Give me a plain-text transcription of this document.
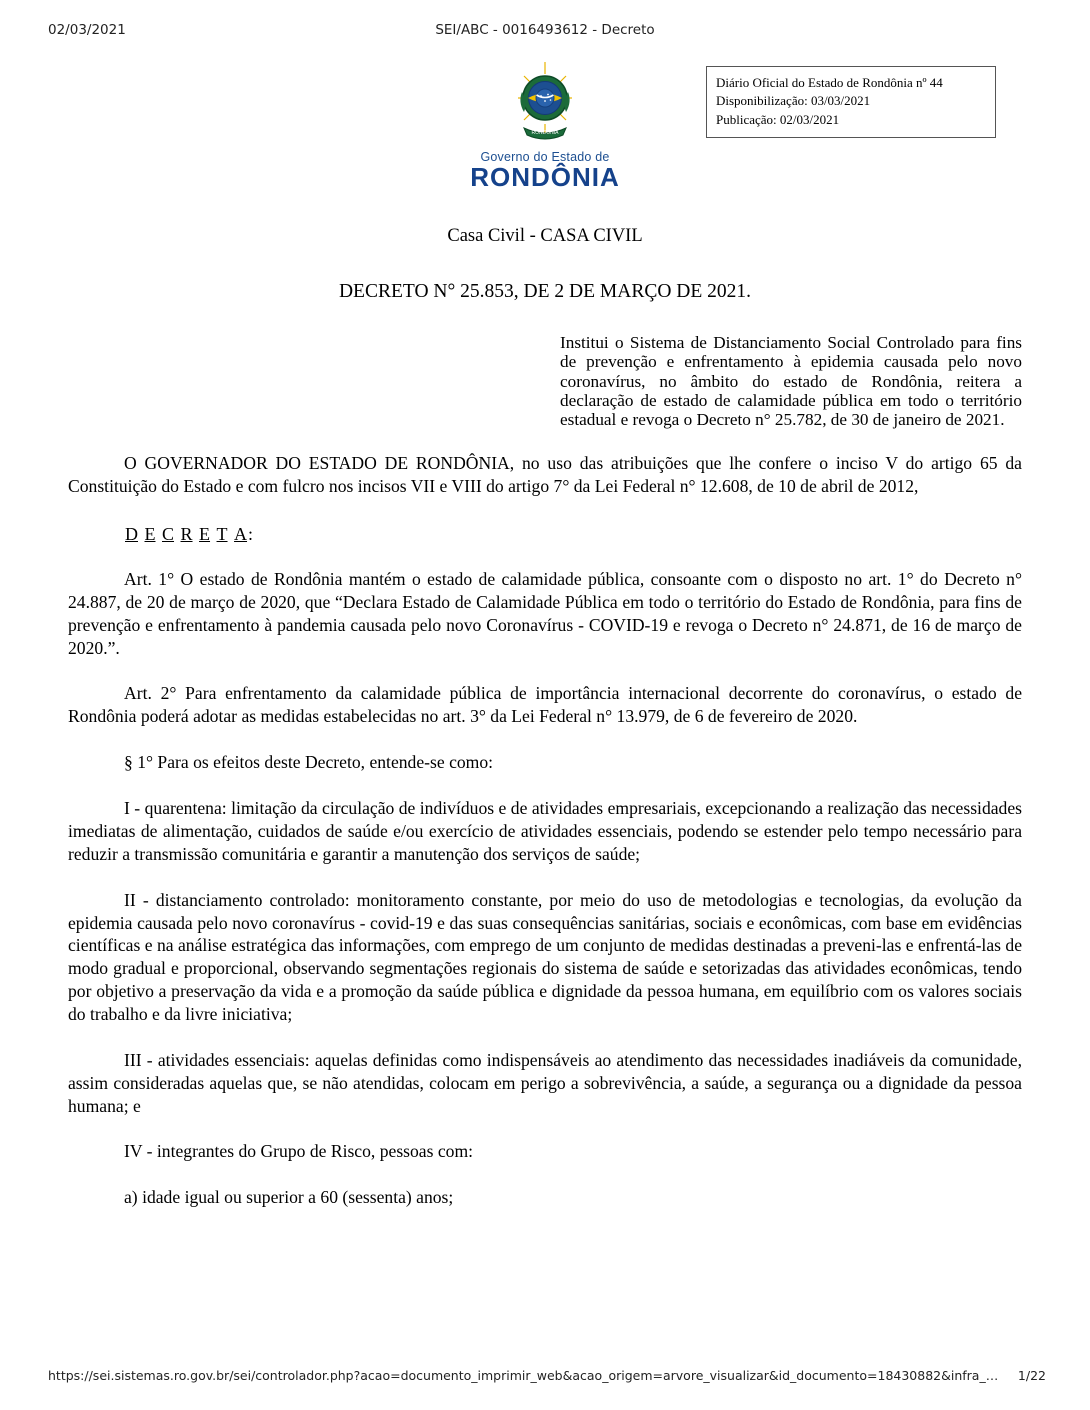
02/03/2021	SEI/ABC - 0016493612 - Decreto
RONDÔNIA
Governo do Estado de
RONDÔNIA
Diário Oficial do Estado de Rondônia nº 44
Disponibilização: 03/03/2021
Publicação: 02/03/2021
Casa Civil - CASA CIVIL
DECRETO N° 25.853, DE 2 DE MARÇO DE 2021.
Institui o Sistema de Distanciamento Social Controlado para fins de prevenção e enfrentamento à epidemia causada pelo novo coronavírus, no âmbito do estado de Rondônia, reitera a declaração de estado de calamidade pública em todo o território estadual e revoga o Decreto n° 25.782, de 30 de janeiro de 2021.

O GOVERNADOR DO ESTADO DE RONDÔNIA, no uso das atribuições que lhe confere o inciso V do artigo 65 da Constituição do Estado e com fulcro nos incisos VII e VIII do artigo 7° da Lei Federal n° 12.608, de 10 de abril de 2012,

D E C R E T A:

Art. 1° O estado de Rondônia mantém o estado de calamidade pública, consoante com o disposto no art. 1° do Decreto n° 24.887, de 20 de março de 2020, que “Declara Estado de Calamidade Pública em todo o território do Estado de Rondônia, para fins de prevenção e enfrentamento à pandemia causada pelo novo Coronavírus - COVID-19 e revoga o Decreto n° 24.871, de 16 de março de 2020.”.

Art. 2° Para enfrentamento da calamidade pública de importância internacional decorrente do coronavírus, o estado de Rondônia poderá adotar as medidas estabelecidas no art. 3° da Lei Federal n° 13.979, de 6 de fevereiro de 2020.

§ 1° Para os efeitos deste Decreto, entende-se como:

I - quarentena: limitação da circulação de indivíduos e de atividades empresariais, excepcionando a realização das necessidades imediatas de alimentação, cuidados de saúde e/ou exercício de atividades essenciais, podendo se estender pelo tempo necessário para reduzir a transmissão comunitária e garantir a manutenção dos serviços de saúde;

II - distanciamento controlado: monitoramento constante, por meio do uso de metodologias e tecnologias, da evolução da epidemia causada pelo novo coronavírus - covid-19 e das suas consequências sanitárias, sociais e econômicas, com base em evidências científicas e na análise estratégica das informações, com emprego de um conjunto de medidas destinadas a preveni-las e enfrentá-las de modo gradual e proporcional, observando segmentações regionais do sistema de saúde e setorizadas das atividades econômicas, tendo por objetivo a preservação da vida e a promoção da saúde pública e dignidade da pessoa humana, em equilíbrio com os valores sociais do trabalho e da livre iniciativa;

III - atividades essenciais: aquelas definidas como indispensáveis ao atendimento das necessidades inadiáveis da comunidade, assim consideradas aquelas que, se não atendidas, colocam em perigo a sobrevivência, a saúde, a segurança ou a dignidade da pessoa humana; e

IV - integrantes do Grupo de Risco, pessoas com:

a) idade igual ou superior a 60 (sessenta) anos;

https://sei.sistemas.ro.gov.br/sei/controlador.php?acao=documento_imprimir_web&acao_origem=arvore_visualizar&id_documento=18430882&infra_… 1/22
